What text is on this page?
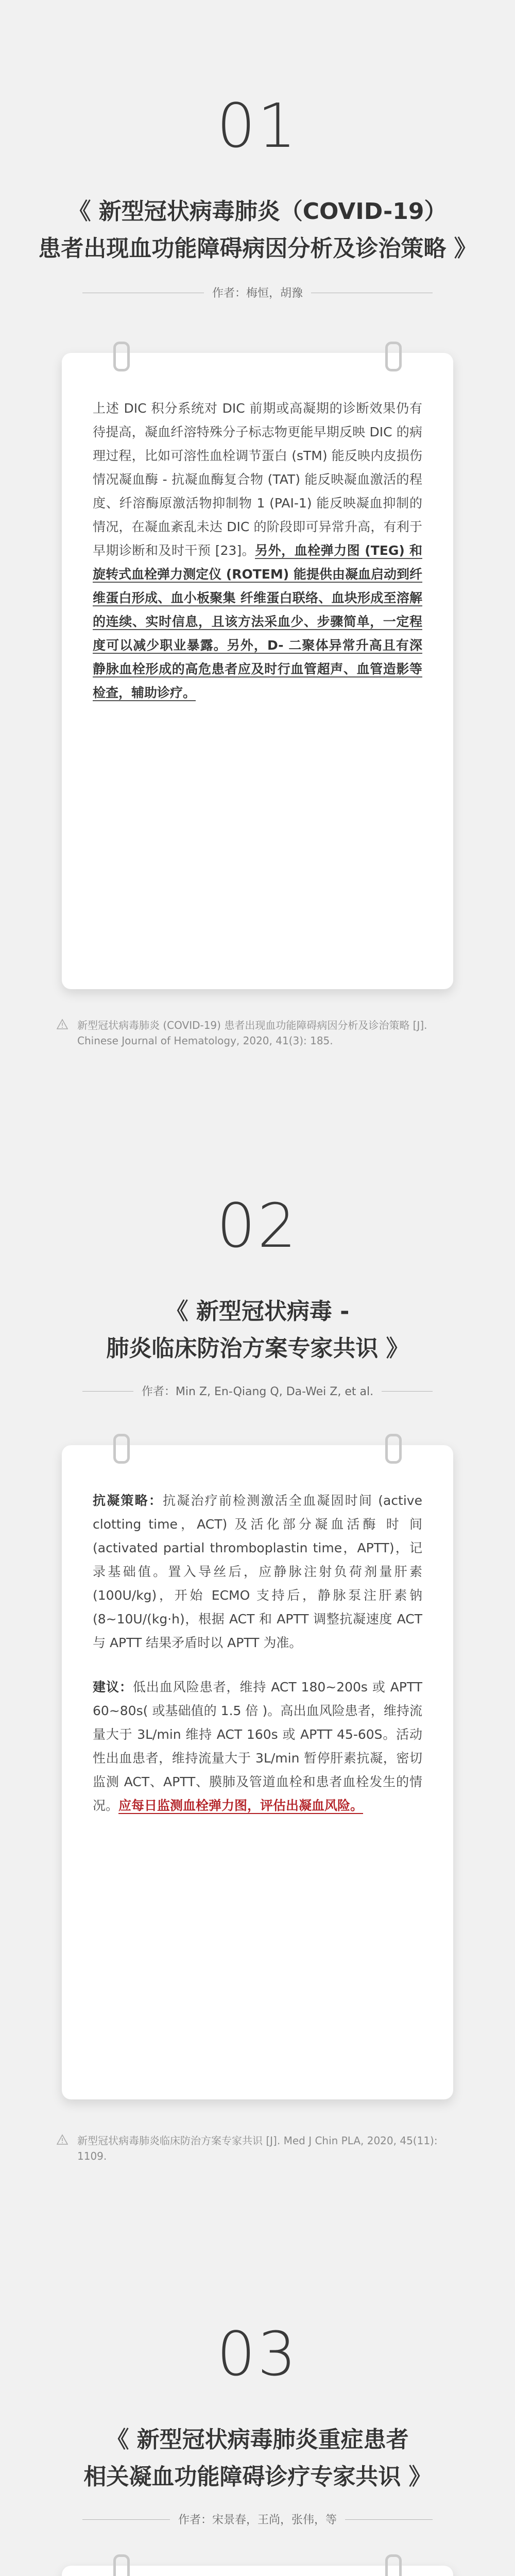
01
《 新型冠状病毒肺炎（COVID-19）
患者出现血功能障碍病因分析及诊治策略 》
作者：梅恒，胡豫

上述 DIC 积分系统对 DIC 前期或高凝期的诊断效果仍有待提高，凝血纤溶特殊分子标志物更能早期反映 DIC 的病理过程，比如可溶性血栓调节蛋白 (sTM) 能反映内皮损伤情况凝血酶 - 抗凝血酶复合物 (TAT) 能反映凝血激活的程度、纤溶酶原激活物抑制物 1 (PAI-1) 能反映凝血抑制的情况，在凝血紊乱未达 DIC 的阶段即可异常升高，有利于早期诊断和及时干预 [23]。另外，血栓弹力图 (TEG) 和旋转式血栓弹力测定仪 (ROTEM) 能提供由凝血启动到纤维蛋白形成、血小板聚集 纤维蛋白联络、血块形成至溶解的连续、实时信息，且该方法采血少、步骤简单，一定程度可以减少职业暴露。另外，D- 二聚体异常升高且有深静脉血栓形成的高危患者应及时行血管超声、血管造影等检查，辅助诊疗。

新型冠状病毒肺炎 (COVID-19) 患者出现血功能障碍病因分析及诊治策略 [J]. Chinese Journal of Hematology, 2020, 41(3): 185.
02
《 新型冠状病毒 -
肺炎临床防治方案专家共识 》
作者：Min Z, En-Qiang Q, Da-Wei Z, et al.

抗凝策略：抗凝治疗前检测激活全血凝固时间 (active clotting time，ACT) 及活化部分凝血活酶 时 间 (activated partial thromboplastin time，APTT)，记录基础值。置入导丝后，应静脉注射负荷剂量肝素 (100U/kg)，开始 ECMO 支持后，静脉泵注肝素钠 (8~10U/(kg·h)，根据 ACT 和 APTT 调整抗凝速度 ACT 与 APTT 结果矛盾时以 APTT 为准。

建议：低出血风险患者，维持 ACT 180~200s 或 APTT 60~80s( 或基础值的 1.5 倍 )。高出血风险患者，维持流量大于 3L/min 维持 ACT 160s 或 APTT 45-60S。活动性出血患者，维持流量大于 3L/min 暂停肝素抗凝，密切监测 ACT、APTT、膜肺及管道血栓和患者血栓发生的情况。应每日监测血栓弹力图，评估出凝血风险。

新型冠状病毒肺炎临床防治方案专家共识 [J]. Med J Chin PLA, 2020, 45(11): 1109.
03
《 新型冠状病毒肺炎重症患者
相关凝血功能障碍诊疗专家共识 》
作者：宋景春，王尚，张伟，等
